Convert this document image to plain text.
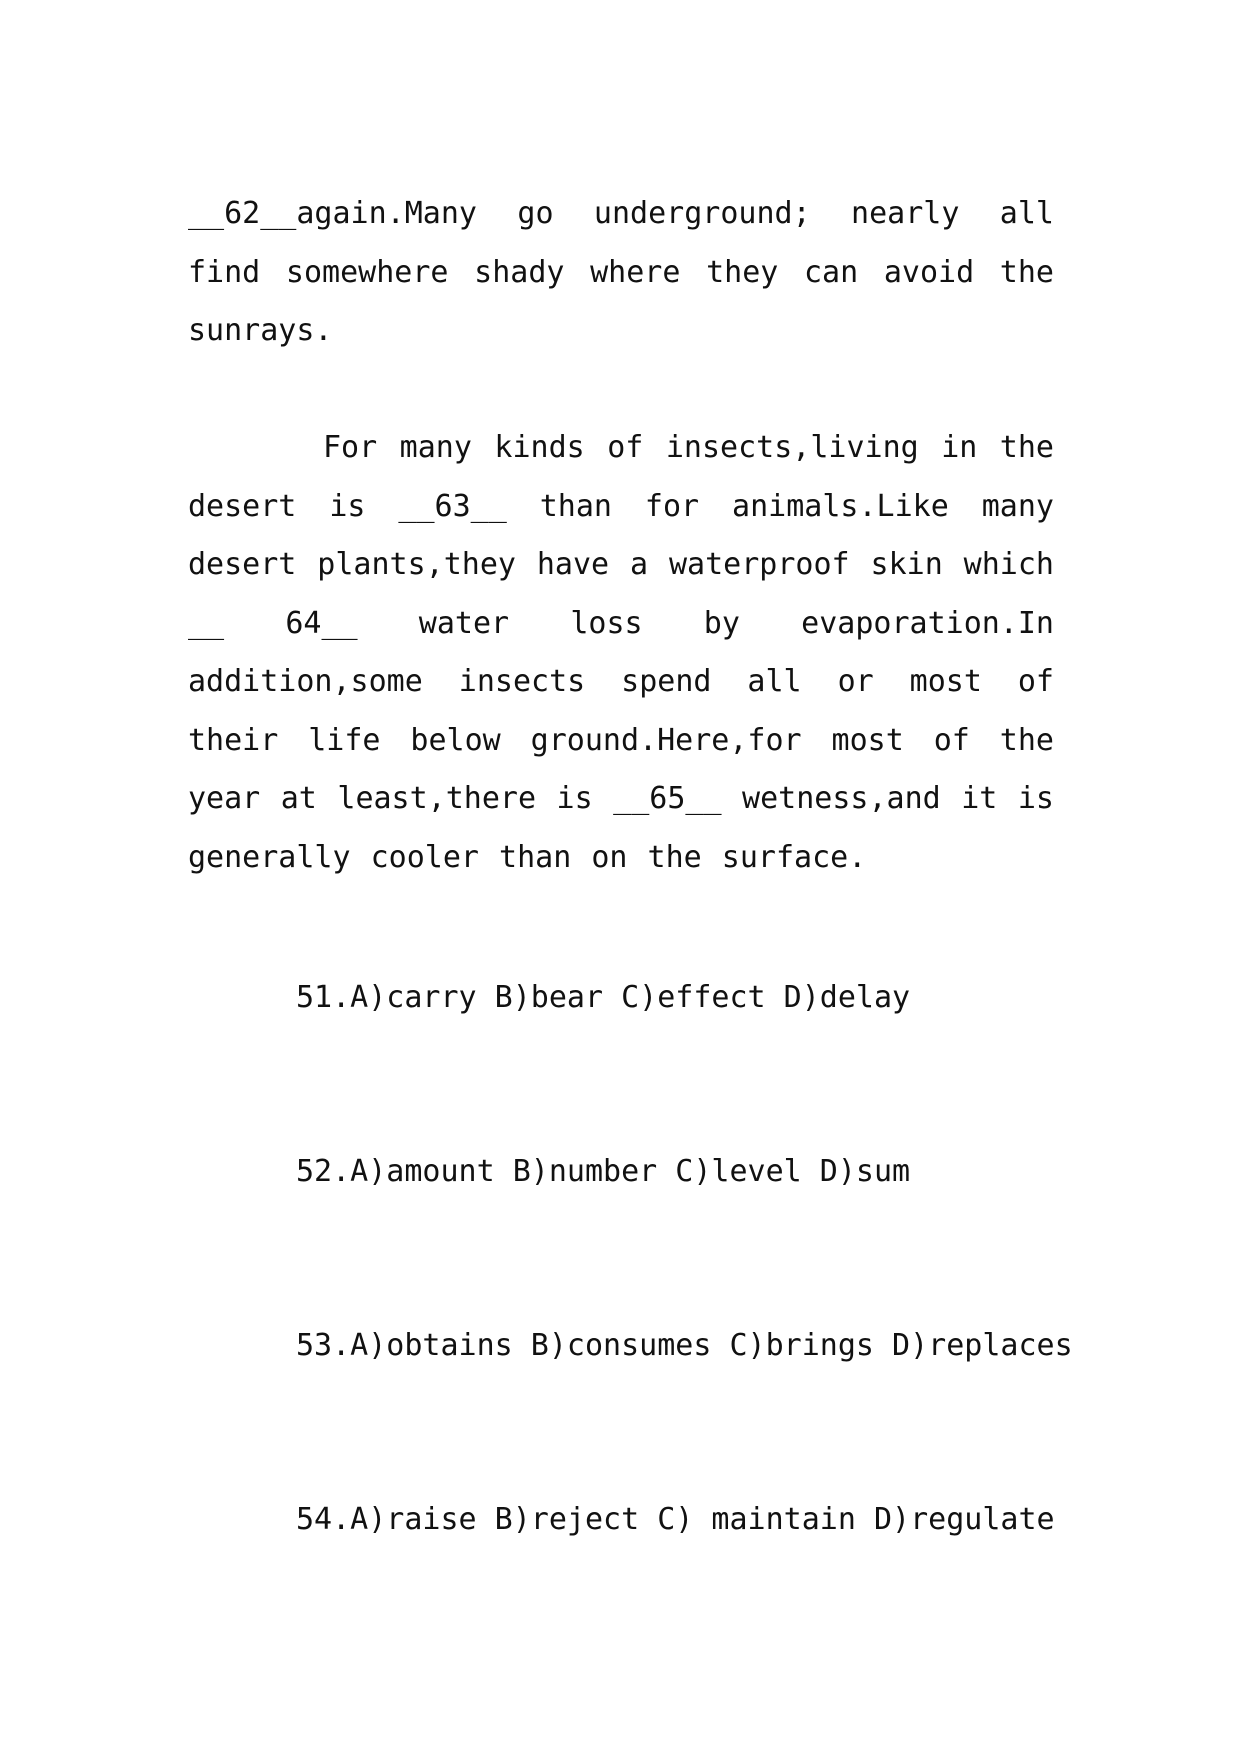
__62__again.Many go underground; nearly all find somewhere shady where they can avoid the sunrays.

For many kinds of insects,living in the desert is __63__ than for animals.Like many desert plants,they have a waterproof skin which __ 64__ water loss by evaporation.In addition,some insects spend all or most of their life below ground.Here,for most of the year at least,there is __65__ wetness,and it is generally cooler than on the surface.

51.A)carry B)bear C)effect D)delay
52.A)amount B)number C)level D)sum
53.A)obtains B)consumes C)brings D)replaces
54.A)raise B)reject C) maintain D)regulate
